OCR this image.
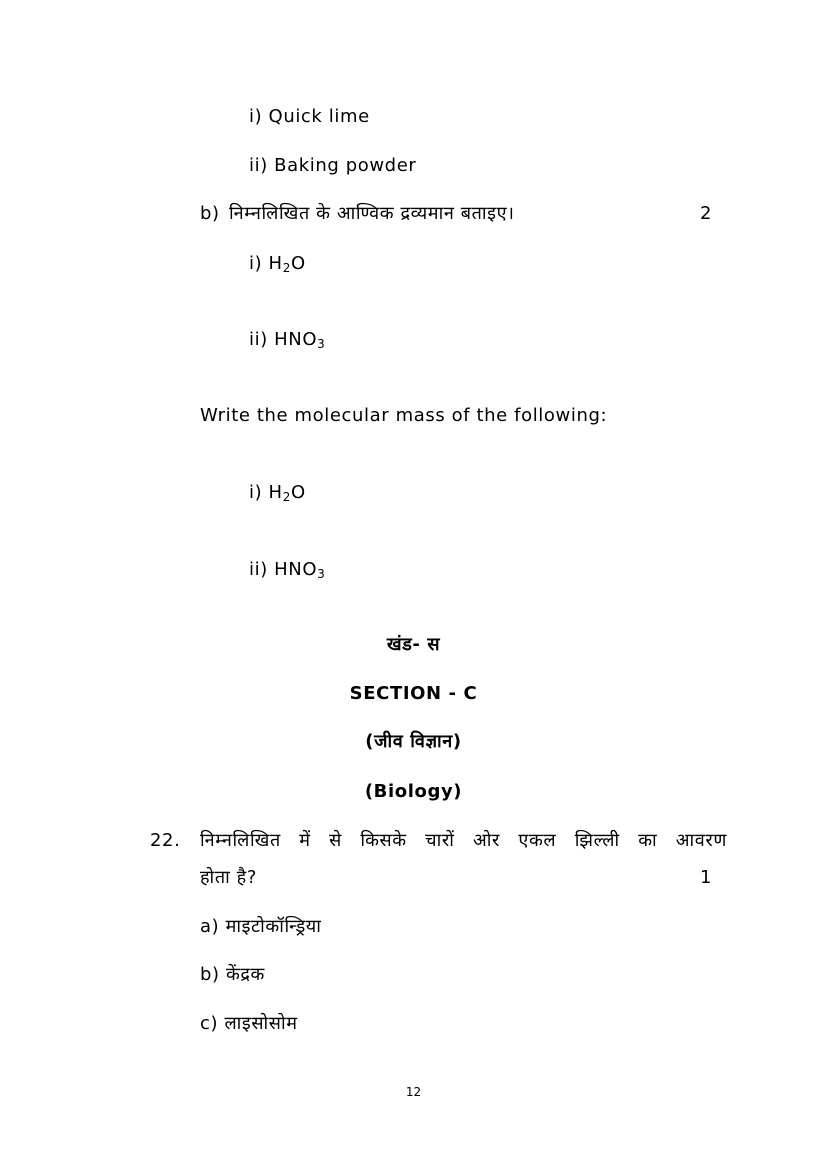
i) Quick lime
ii) Baking powder
b) निम्नलिखित के आण्विक द्रव्यमान बताइए।	2
i) $H_2O$
ii) $HNO_3$
Write the molecular mass of the following:
i) $H_2O$
ii) $HNO_3$
खंड- स
SECTION - C
(जीव विज्ञान)
(Biology)
22. निम्नलिखित में से किसके चारों ओर एकल झिल्ली का आवरण
होता है?	1
a) माइटोकॉन्ड्रिया
b) केंद्रक
c) लाइसोसोम
12
